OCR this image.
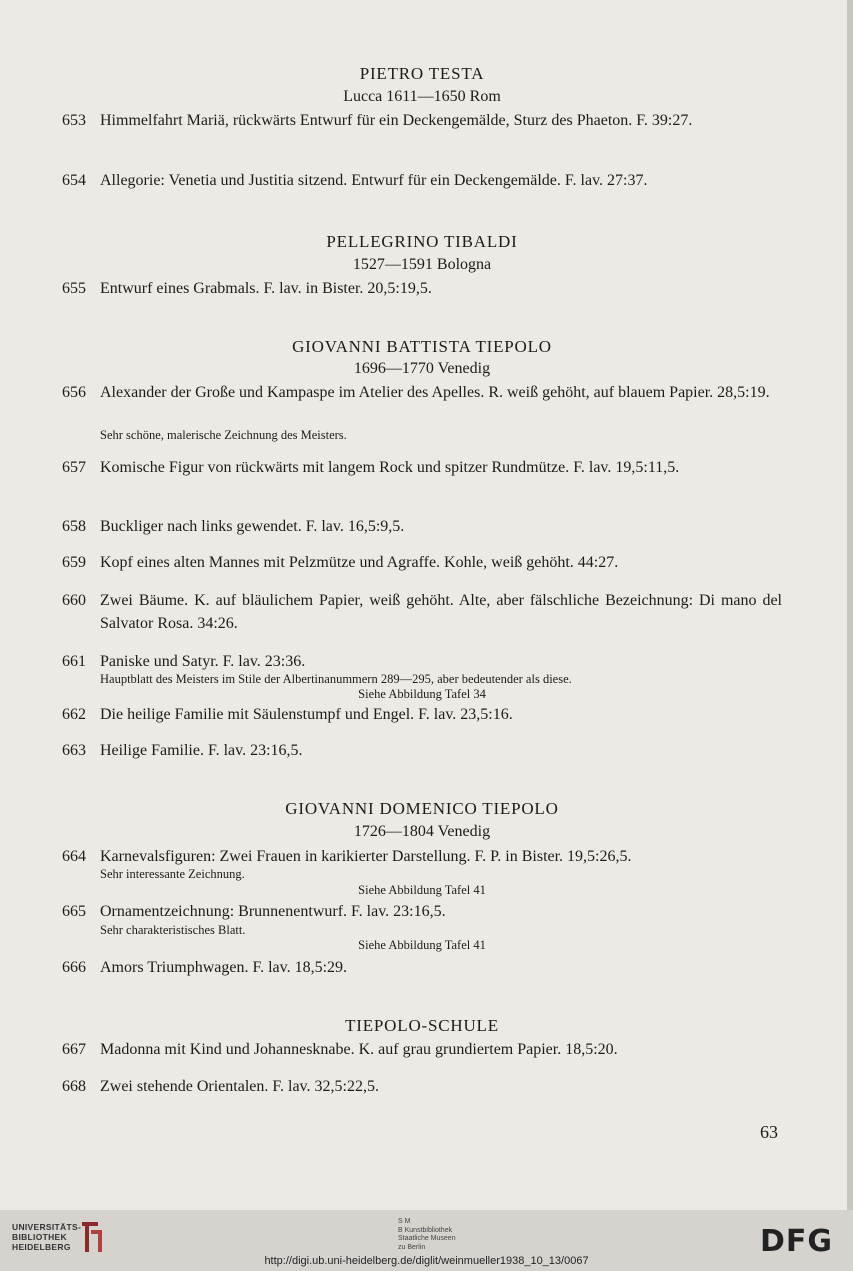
PIETRO TESTA
Lucca 1611—1650 Rom
653 Himmelfahrt Mariä, rückwärts Entwurf für ein Deckengemälde, Sturz des Phaeton. F. 39:27.
654 Allegorie: Venetia und Justitia sitzend. Entwurf für ein Deckengemälde. F. lav. 27:37.
PELLEGRINO TIBALDI
1527—1591 Bologna
655 Entwurf eines Grabmals. F. lav. in Bister. 20,5:19,5.
GIOVANNI BATTISTA TIEPOLO
1696—1770 Venedig
656 Alexander der Große und Kampaspe im Atelier des Apelles. R. weiß gehöht, auf blauem Papier. 28,5:19.
Sehr schöne, malerische Zeichnung des Meisters.
657 Komische Figur von rückwärts mit langem Rock und spitzer Rundmütze. F. lav. 19,5:11,5.
658 Buckliger nach links gewendet. F. lav. 16,5:9,5.
659 Kopf eines alten Mannes mit Pelzmütze und Agraffe. Kohle, weiß gehöht. 44:27.
660 Zwei Bäume. K. auf bläulichem Papier, weiß gehöht. Alte, aber fälschliche Bezeichnung: Di mano del Salvator Rosa. 34:26.
661 Paniske und Satyr. F. lav. 23:36.
Hauptblatt des Meisters im Stile der Albertinanummern 289—295, aber bedeutender als diese.
Siehe Abbildung Tafel 34
662 Die heilige Familie mit Säulenstumpf und Engel. F. lav. 23,5:16.
663 Heilige Familie. F. lav. 23:16,5.
GIOVANNI DOMENICO TIEPOLO
1726—1804 Venedig
664 Karnevalsfiguren: Zwei Frauen in karikierter Darstellung. F. P. in Bister. 19,5:26,5.
Sehr interessante Zeichnung.
Siehe Abbildung Tafel 41
665 Ornamentzeichnung: Brunnenentwurf. F. lav. 23:16,5.
Sehr charakteristisches Blatt.
Siehe Abbildung Tafel 41
666 Amors Triumphwagen. F. lav. 18,5:29.
TIEPOLO-SCHULE
667 Madonna mit Kind und Johannesknabe. K. auf grau grundiertem Papier. 18,5:20.
668 Zwei stehende Orientalen. F. lav. 32,5:22,5.
63
UNIVERSITÄTS-
BIBLIOTHEK
HEIDELBERG
S M
B Kunstbibliothek
Staatliche Museen
zu Berlin	DFG
http://digi.ub.uni-heidelberg.de/diglit/weinmueller1938_10_13/0067
